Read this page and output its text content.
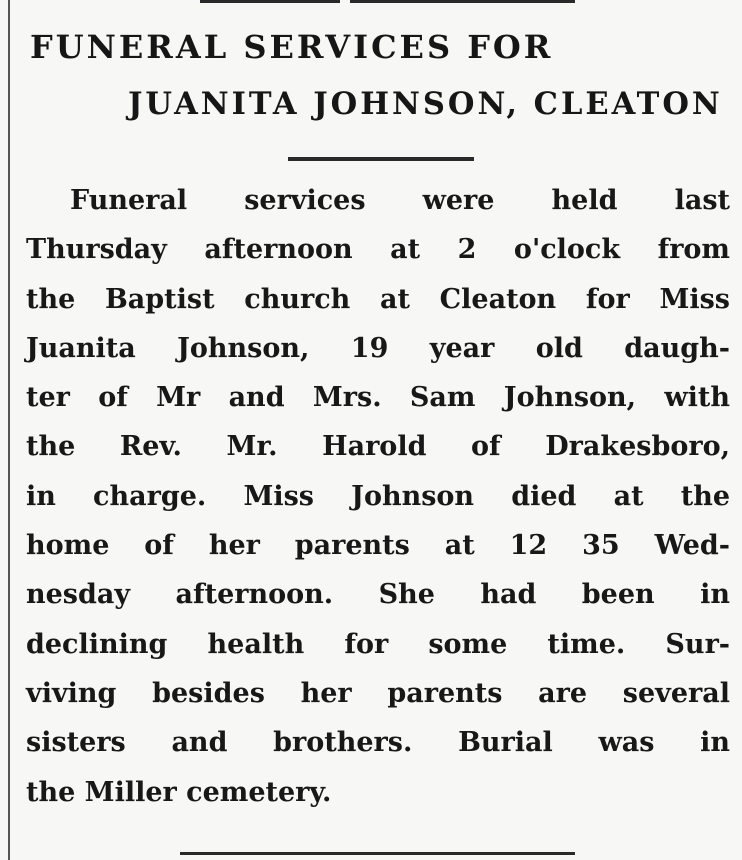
FUNERAL SERVICES FOR
JUANITA JOHNSON, CLEATON
Funeral services were held last
Thursday afternoon at 2 o'clock from
the Baptist church at Cleaton for Miss
Juanita Johnson, 19 year old daugh-
ter of Mr and Mrs. Sam Johnson, with
the Rev. Mr. Harold of Drakesboro,
in charge. Miss Johnson died at the
home of her parents at 12 35 Wed-
nesday afternoon. She had been in
declining health for some time. Sur-
viving besides her parents are several
sisters and brothers. Burial was in
the Miller cemetery.
